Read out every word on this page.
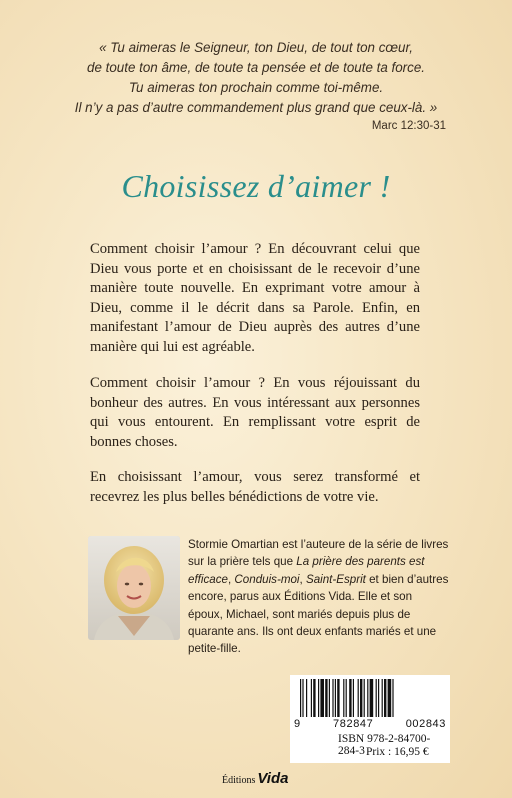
« Tu aimeras le Seigneur, ton Dieu, de tout ton cœur,
de toute ton âme, de toute ta pensée et de toute ta force.
Tu aimeras ton prochain comme toi-même.
Il n’y a pas d’autre commandement plus grand que ceux-là. »
Marc 12:30-31
Choisissez d’aimer !

Comment choisir l’amour ? En découvrant celui que Dieu vous porte et en choisissant de le recevoir d’une manière toute nouvelle. En exprimant votre amour à Dieu, comme il le décrit dans sa Parole. Enfin, en manifestant l’amour de Dieu auprès des autres d’une manière qui lui est agréable.

Comment choisir l’amour ? En vous réjouissant du bonheur des autres. En vous intéressant aux personnes qui vous entourent. En remplissant votre esprit de bonnes choses.

En choisissant l’amour, vous serez transformé et recevrez les plus belles bénédictions de votre vie.

Stormie Omartian est l’auteure de la série de livres sur la prière tels que La prière des parents est efficace, Conduis-moi, Saint-Esprit et bien d’autres encore, parus aux Éditions Vida. Elle et son époux, Michael, sont mariés depuis plus de quarante ans. Ils ont deux enfants mariés et une petite-fille.

9	782847	002843
ISBN 978-2-84700-284-3 Prix : 16,95 €
Éditions Vida
